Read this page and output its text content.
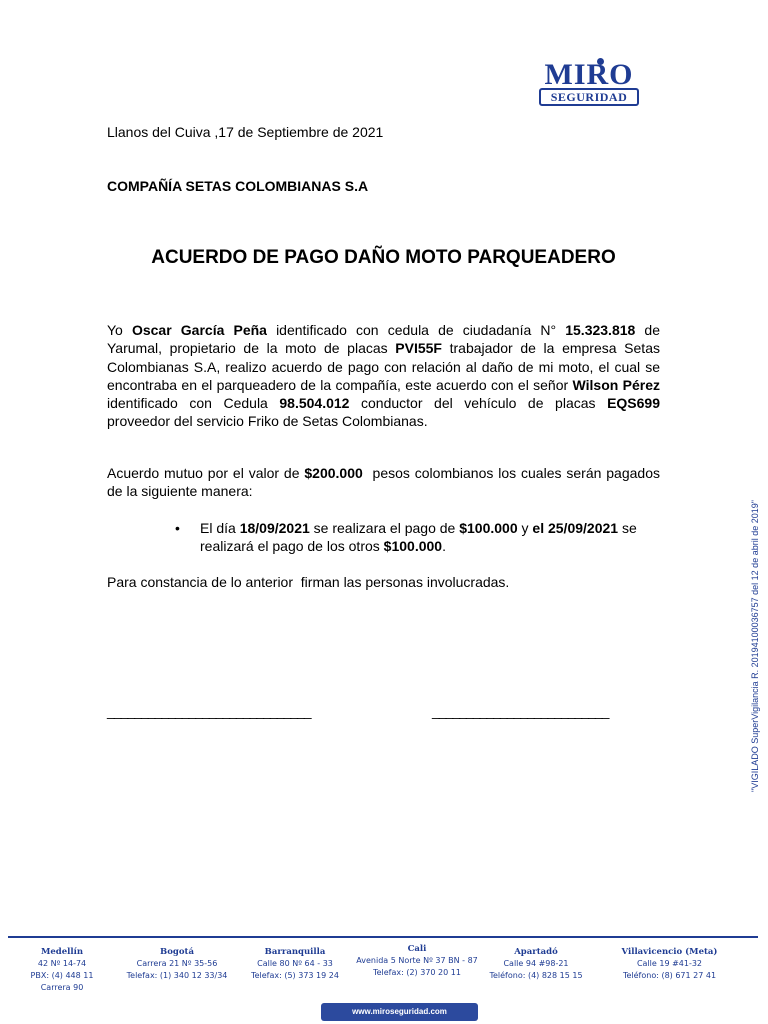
MIRO
SEGURIDAD
Llanos del Cuiva ,17 de Septiembre de 2021
COMPAÑÍA SETAS COLOMBIANAS S.A
ACUERDO DE PAGO DAÑO MOTO PARQUEADERO
Yo Oscar García Peña identificado con cedula de ciudadanía N° 15.323.818 de Yarumal, propietario de la moto de placas PVI55F trabajador de la empresa Setas Colombianas S.A, realizo acuerdo de pago con relación al daño de mi moto, el cual se encontraba en el parqueadero de la compañía, este acuerdo con el señor Wilson Pérez identificado con Cedula 98.504.012 conductor del vehículo de placas EQS699   proveedor del servicio Friko de Setas Colombianas.
Acuerdo mutuo por el valor de $200.000  pesos colombianos los cuales serán pagados de la siguiente manera:
•	El día 18/09/2021 se realizara el pago de $100.000 y el 25/09/2021 se realizará el pago de los otros $100.000.
Para constancia de lo anterior  firman las personas involucradas.
______________________________	__________________________	"VIGILADO SuperVigilancia R. 20194100036757 del 12 de abril de 2019"
Medellín
42 Nº 14-74
PBX: (4) 448 11
Carrera 90
Bogotá
Carrera 21 Nº 35-56
Telefax: (1) 340 12 33/34
Barranquilla
Calle 80 Nº 64 - 33
Telefax: (5) 373 19 24
Cali
Avenida 5 Norte Nº 37 BN - 87
Telefax: (2) 370 20 11
Apartadó
Calle 94 #98-21
Teléfono: (4) 828 15 15
Villavicencio (Meta)
Calle 19 #41-32
Teléfono: (8) 671 27 41
www.miroseguridad.com
